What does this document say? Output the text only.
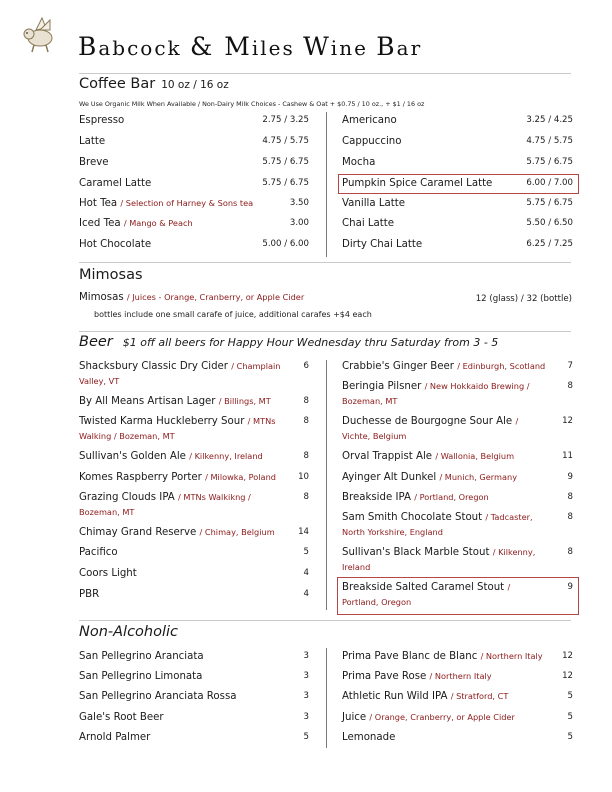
Babcock & Miles Wine Bar
Coffee Bar 10 oz / 16 oz
We Use Organic Milk When Available / Non-Dairy Milk Choices - Cashew & Oat + $0.75 / 10 oz., + $1 / 16 oz
Espresso	2.75 / 3.25
Latte	4.75 / 5.75
Breve	5.75 / 6.75
Caramel Latte	5.75 / 6.75
Hot Tea / Selection of Harney & Sons tea	3.50
Iced Tea / Mango & Peach	3.00
Hot Chocolate	5.00 / 6.00
Americano	3.25 / 4.25
Cappuccino	4.75 / 5.75
Mocha	5.75 / 6.75
Pumpkin Spice Caramel Latte	6.00 / 7.00
Vanilla Latte	5.75 / 6.75
Chai Latte	5.50 / 6.50
Dirty Chai Latte	6.25 / 7.25
Mimosas
Mimosas / Juices - Orange, Cranberry, or Apple Cider	12 (glass) / 32 (bottle)
bottles include one small carafe of juice, additional carafes +$4 each
Beer $1 off all beers for Happy Hour Wednesday thru Saturday from 3 - 5
Shacksbury Classic Dry Cider / Champlain Valley, VT
6
By All Means Artisan Lager / Billings, MT	8
Twisted Karma Huckleberry Sour / MTNs Walking / Bozeman, MT
8
Sullivan's Golden Ale / Kilkenny, Ireland	8
Komes Raspberry Porter / Milowka, Poland	10
Grazing Clouds IPA / MTNs Walkikng / Bozeman, MT
8
Chimay Grand Reserve / Chimay, Belgium	14
Pacifico	5
Coors Light	4
PBR	4
Crabbie's Ginger Beer / Edinburgh, Scotland	7
Beringia Pilsner / New Hokkaido Brewing / Bozeman, MT
8
Duchesse de Bourgogne Sour Ale / Vichte, Belgium
12
Orval Trappist Ale / Wallonia, Belgium	11
Ayinger Alt Dunkel / Munich, Germany	9
Breakside IPA / Portland, Oregon	8
Sam Smith Chocolate Stout / Tadcaster, North Yorkshire, England
8
Sullivan's Black Marble Stout / Kilkenny, Ireland
8
Breakside Salted Caramel Stout / Portland, Oregon
9
Non-Alcoholic
San Pellegrino Aranciata	3
San Pellegrino Limonata	3
San Pellegrino Aranciata Rossa	3
Gale's Root Beer	3
Arnold Palmer	5
Prima Pave Blanc de Blanc / Northern Italy	12
Prima Pave Rose / Northern Italy	12
Athletic Run Wild IPA / Stratford, CT	5
Juice / Orange, Cranberry, or Apple Cider	5
Lemonade	5
